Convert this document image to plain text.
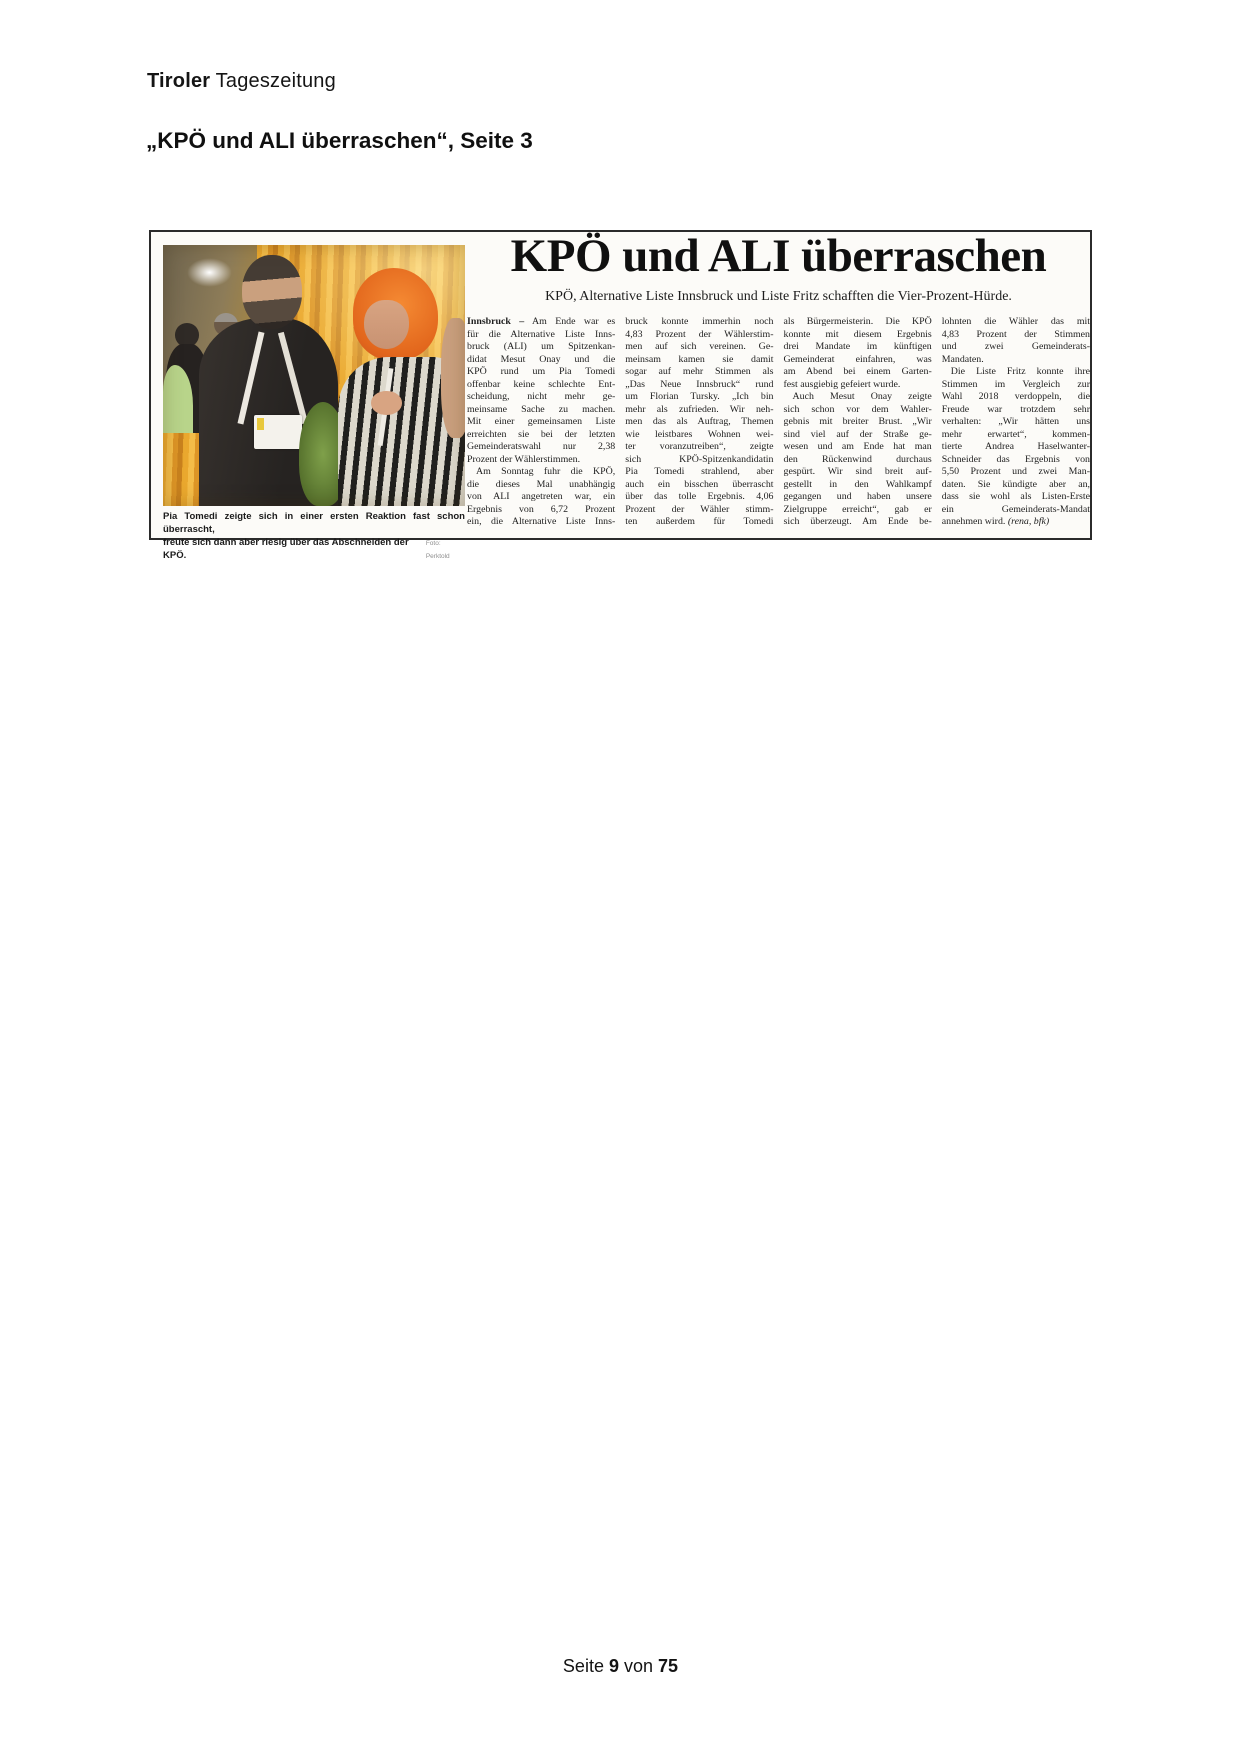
Tiroler Tageszeitung
„KPÖ und ALI überraschen“, Seite 3
Pia Tomedi zeigte sich in einer ersten Reaktion fast schon überrascht,
freute sich dann aber riesig über das Abschneiden der KPÖ.
Foto: Perktold
KPÖ und ALI überraschen

KPÖ, Alternative Liste Innsbruck und Liste Fritz schafften die Vier-Prozent-Hürde.

Innsbruck – Am Ende war es
für die Alternative Liste Inns-
bruck (ALI) um Spitzenkan-
didat Mesut Onay und die
KPÖ rund um Pia Tomedi
offenbar keine schlechte Ent-
scheidung, nicht mehr ge-
meinsame Sache zu machen.
Mit einer gemeinsamen Liste
erreichten sie bei der letzten
Gemeinderatswahl nur 2,38
Prozent der Wählerstimmen.
Am Sonntag fuhr die KPÖ,
die dieses Mal unabhängig
von ALI angetreten war, ein
Ergebnis von 6,72 Prozent
ein, die Alternative Liste Inns-
bruck konnte immerhin noch
4,83 Prozent der Wählerstim-
men auf sich vereinen. Ge-
meinsam kamen sie damit
sogar auf mehr Stimmen als
„Das Neue Innsbruck“ rund
um Florian Tursky. „Ich bin
mehr als zufrieden. Wir neh-
men das als Auftrag, Themen
wie leistbares Wohnen wei-
ter voranzutreiben“, zeigte
sich KPÖ-Spitzenkandidatin
Pia Tomedi strahlend, aber
auch ein bisschen überrascht
über das tolle Ergebnis. 4,06
Prozent der Wähler stimm-
ten außerdem für Tomedi
als Bürgermeisterin. Die KPÖ
konnte mit diesem Ergebnis
drei Mandate im künftigen
Gemeinderat einfahren, was
am Abend bei einem Garten-
fest ausgiebig gefeiert wurde.
Auch Mesut Onay zeigte
sich schon vor dem Wahler-
gebnis mit breiter Brust. „Wir
sind viel auf der Straße ge-
wesen und am Ende hat man
den Rückenwind durchaus
gespürt. Wir sind breit auf-
gestellt in den Wahlkampf
gegangen und haben unsere
Zielgruppe erreicht“, gab er
sich überzeugt. Am Ende be-
lohnten die Wähler das mit
4,83 Prozent der Stimmen
und zwei Gemeinderats-
Mandaten.
Die Liste Fritz konnte ihre
Stimmen im Vergleich zur
Wahl 2018 verdoppeln, die
Freude war trotzdem sehr
verhalten: „Wir hätten uns
mehr erwartet“, kommen-
tierte Andrea Haselwanter-
Schneider das Ergebnis von
5,50 Prozent und zwei Man-
daten. Sie kündigte aber an,
dass sie wohl als Listen-Erste
ein Gemeinderats-Mandat
annehmen wird. (rena, bfk)
Seite 9 von 75
